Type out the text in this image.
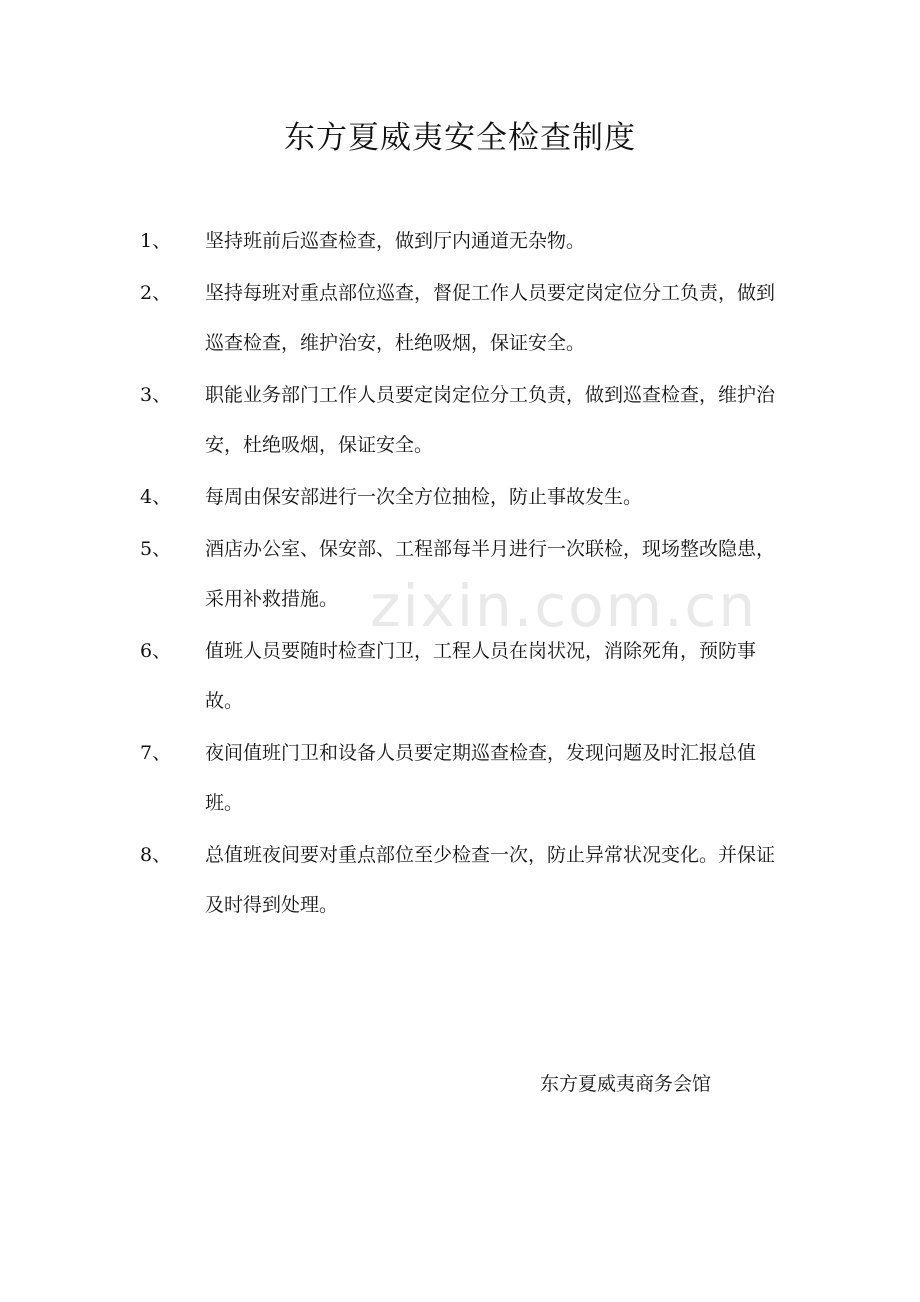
zixin.com.cn
东方夏威夷安全检查制度
1、 坚持班前后巡查检查，做到厅内通道无杂物。
2、 坚持每班对重点部位巡查，督促工作人员要定岗定位分工负责，做到巡查检查，维护治安，杜绝吸烟，保证安全。
3、 职能业务部门工作人员要定岗定位分工负责，做到巡查检查，维护治安，杜绝吸烟，保证安全。
4、 每周由保安部进行一次全方位抽检，防止事故发生。
5、 酒店办公室、保安部、工程部每半月进行一次联检，现场整改隐患，采用补救措施。
6、 值班人员要随时检查门卫，工程人员在岗状况，消除死角，预防事故。
7、 夜间值班门卫和设备人员要定期巡查检查，发现问题及时汇报总值班。
8、 总值班夜间要对重点部位至少检查一次，防止异常状况变化。并保证及时得到处理。
东方夏威夷商务会馆
